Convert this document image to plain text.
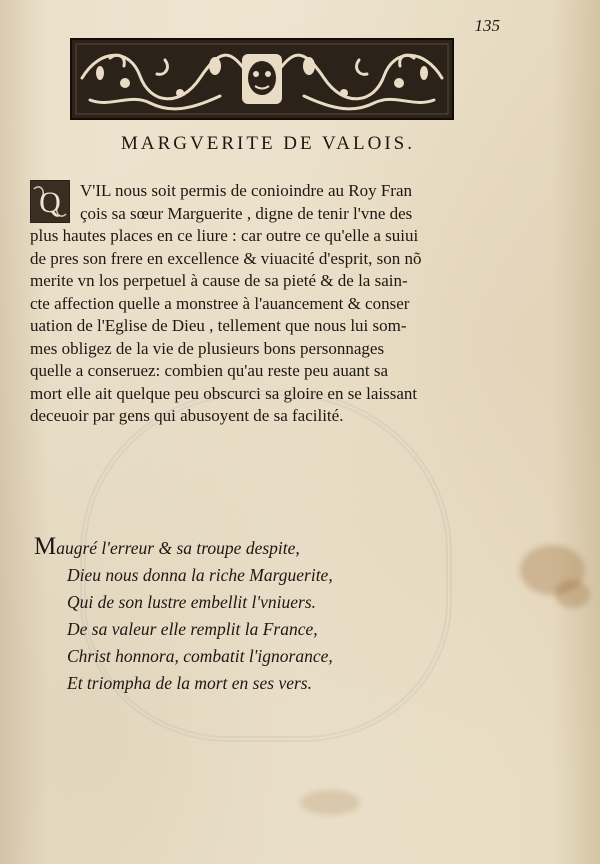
135
MARGVERITE DE VALOIS.
Q	V'IL nous soit permis de conioindre au Roy Fran
çois sa sœur Marguerite , digne de tenir l'vne des
plus hautes places en ce liure : car outre ce qu'elle a suiui
de pres son frere en excellence & viuacité d'esprit, son nõ
merite vn los perpetuel à cause de sa pieté & de la sain-
cte affection quelle a monstree à l'auancement & conser
uation de l'Eglise de Dieu , tellement que nous lui som-
mes obligez de la vie de plusieurs bons personnages
quelle a conseruez: combien qu'au reste peu auant sa
mort elle ait quelque peu obscurci sa gloire en se laissant
deceuoir par gens qui abusoyent de sa facilité.
Maugré l'erreur & sa troupe despite,
Dieu nous donna la riche Marguerite,
Qui de son lustre embellit l'vniuers.
De sa valeur elle remplit la France,
Christ honnora, combatit l'ignorance,
Et triompha de la mort en ses vers.
